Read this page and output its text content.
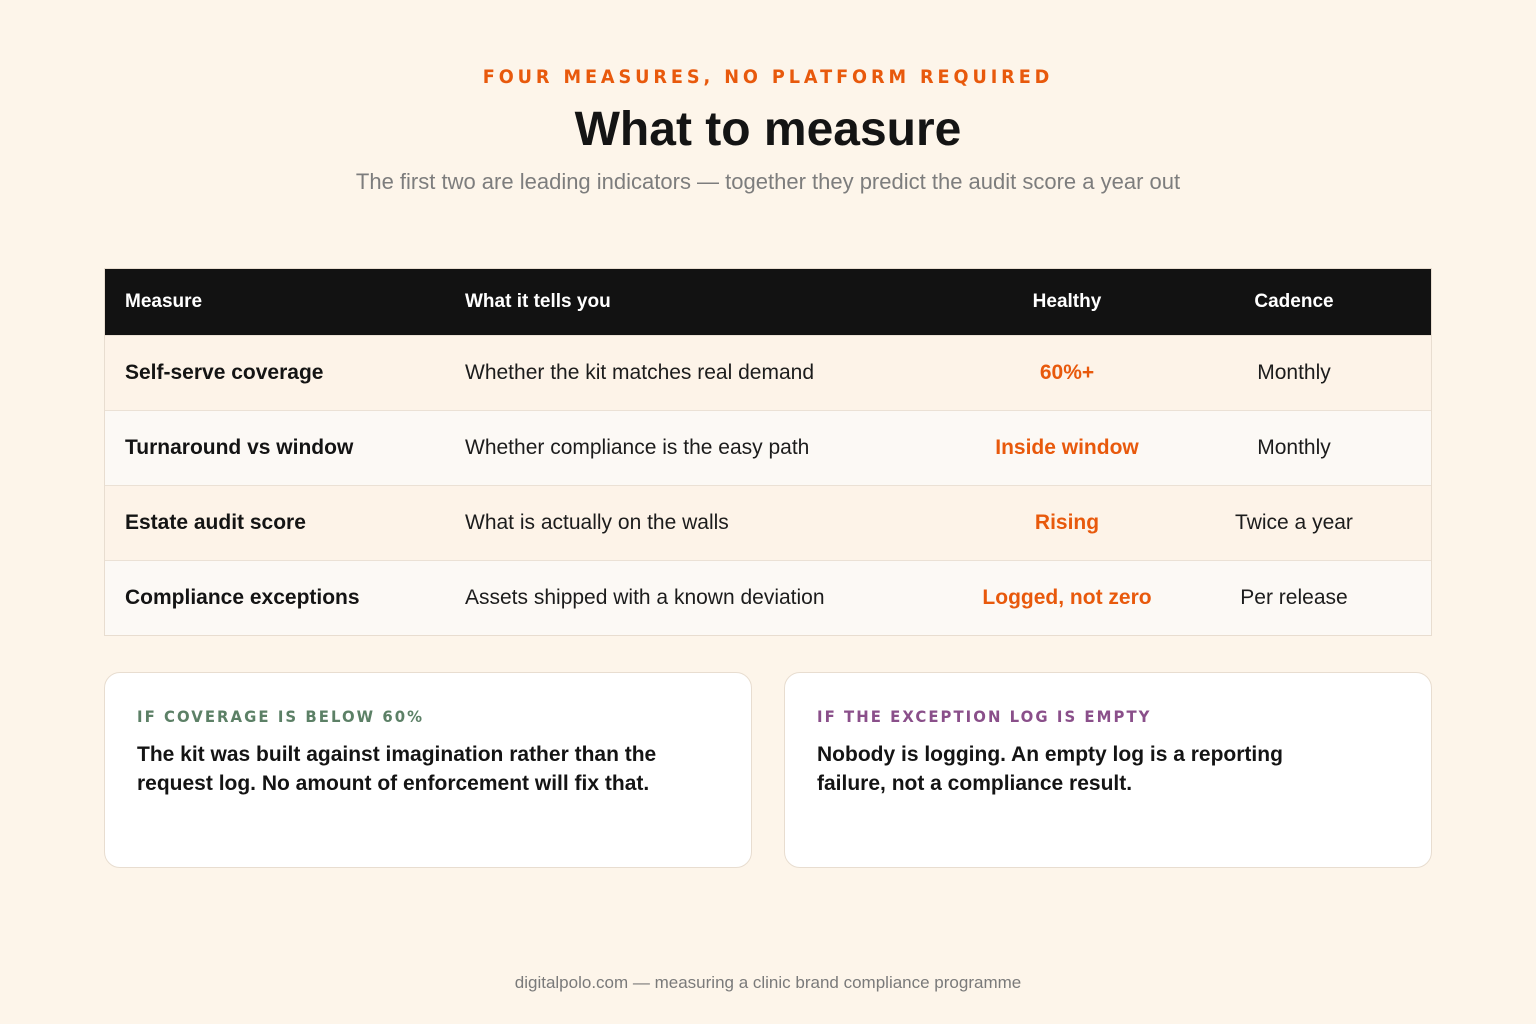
FOUR MEASURES, NO PLATFORM REQUIRED
What to measure
The first two are leading indicators — together they predict the audit score a year out
Measure	What it tells you	Healthy	Cadence
Self-serve coverage	Whether the kit matches real demand	60%+	Monthly
Turnaround vs window	Whether compliance is the easy path	Inside window	Monthly
Estate audit score	What is actually on the walls	Rising	Twice a year
Compliance exceptions	Assets shipped with a known deviation	Logged, not zero	Per release
IF COVERAGE IS BELOW 60%
The kit was built against imagination rather than the request log. No amount of enforcement will fix that.
IF THE EXCEPTION LOG IS EMPTY
Nobody is logging. An empty log is a reporting failure, not a compliance result.
digitalpolo.com — measuring a clinic brand compliance programme
